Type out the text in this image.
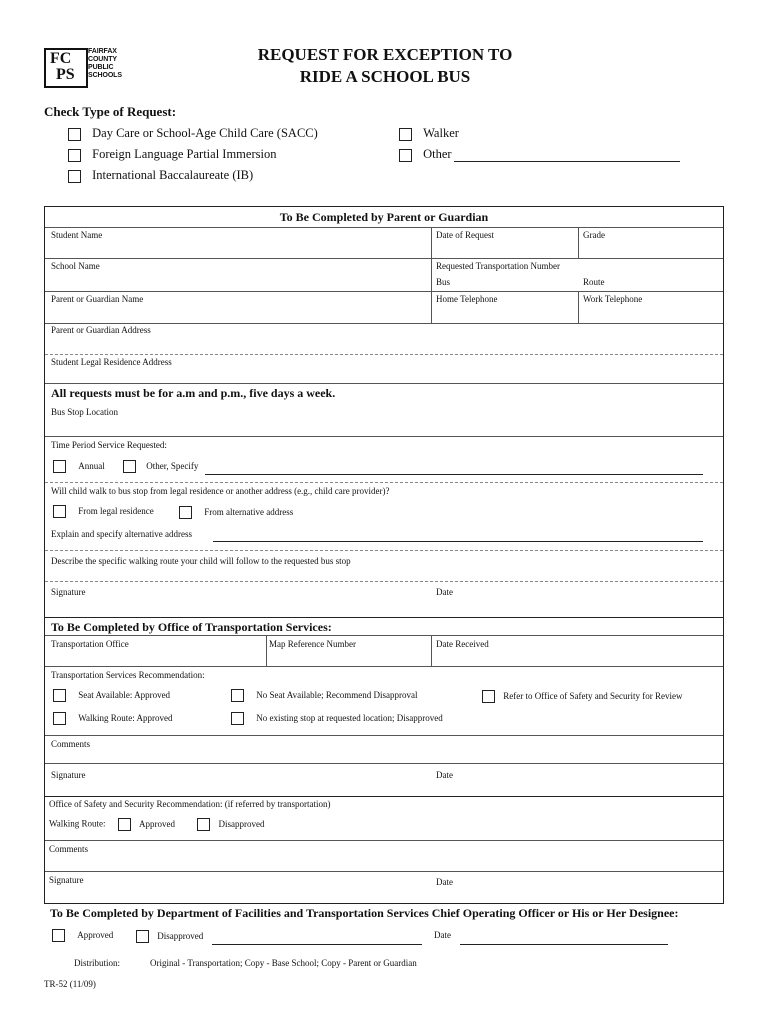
FC
PS
FAIRFAX
COUNTY
PUBLIC
SCHOOLS
REQUEST FOR EXCEPTION TO
RIDE A SCHOOL BUS
Check Type of Request:
Day Care or School-Age Child Care (SACC)
Foreign Language Partial Immersion
International Baccalaureate (IB)
Walker
Other
To Be Completed by Parent or Guardian
Student Name	Date of Request	Grade
School Name	Requested Transportation Number
Bus	Route
Parent or Guardian Name	Home Telephone	Work Telephone
Parent or Guardian Address
Student Legal Residence Address
All requests must be for a.m and p.m., five days a week.
Bus Stop Location
Time Period Service Requested:
Annual	Other, Specify
Will child walk to bus stop from legal residence or another address (e.g., child care provider)?
From legal residence	From alternative address
Explain and specify alternative address
Describe the specific walking route your child will follow to the requested bus stop
Signature	Date
To Be Completed by Office of Transportation Services:
Transportation Office	Map Reference Number	Date Received
Transportation Services Recommendation:
Seat Available: Approved	No Seat Available; Recommend Disapproval	Refer to Office of Safety and Security for Review
Walking Route: Approved	No existing stop at requested location; Disapproved
Comments
Signature	Date
Office of Safety and Security Recommendation: (if referred by transportation)
Walking Route:	Approved	Disapproved
Comments
Signature	Date
To Be Completed by Department of Facilities and Transportation Services Chief Operating Officer or His or Her Designee:
Approved	Disapproved	Date
Distribution:	Original - Transportation; Copy - Base School; Copy - Parent or Guardian
TR-52 (11/09)
